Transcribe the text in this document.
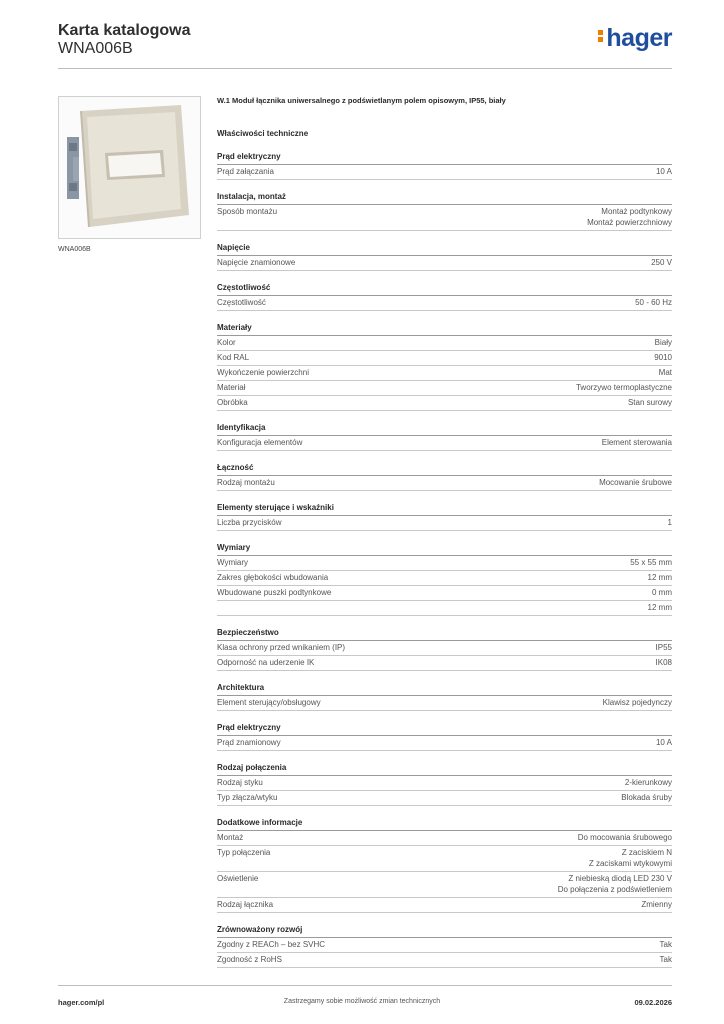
Karta katalogowa
WNA006B	hager
WNA006B
W.1 Moduł łącznika uniwersalnego z podświetlanym polem opisowym, IP55, biały
Właściwości techniczne
Prąd elektryczny
Prąd załączania	10 A
Instalacja, montaż
Sposób montażu	Montaż podtynkowy
Montaż powierzchniowy
Napięcie
Napięcie znamionowe	250 V
Częstotliwość
Częstotliwość	50 - 60 Hz
Materiały
Kolor	Biały
Kod RAL	9010
Wykończenie powierzchni	Mat
Materiał	Tworzywo termoplastyczne
Obróbka	Stan surowy
Identyfikacja
Konfiguracja elementów	Element sterowania
Łączność
Rodzaj montażu	Mocowanie śrubowe
Elementy sterujące i wskaźniki
Liczba przycisków	1
Wymiary
Wymiary	55 x 55 mm
Zakres głębokości wbudowania	12 mm
Wbudowane puszki podtynkowe	0 mm
12 mm
Bezpieczeństwo
Klasa ochrony przed wnikaniem (IP)	IP55
Odporność na uderzenie IK	IK08
Architektura
Element sterujący/obsługowy	Klawisz pojedynczy
Prąd elektryczny
Prąd znamionowy	10 A
Rodzaj połączenia
Rodzaj styku	2-kierunkowy
Typ złącza/wtyku	Blokada śruby
Dodatkowe informacje
Montaż	Do mocowania śrubowego
Typ połączenia	Z zaciskiem N
Z zaciskami wtykowymi
Oświetlenie	Z niebieską diodą LED 230 V
Do połączenia z podświetleniem
Rodzaj łącznika	Zmienny
Zrównoważony rozwój
Zgodny z REACh – bez SVHC	Tak
Zgodność z RoHS	Tak
hager.com/pl	Zastrzegamy sobie możliwość zmian technicznych	09.02.2026
